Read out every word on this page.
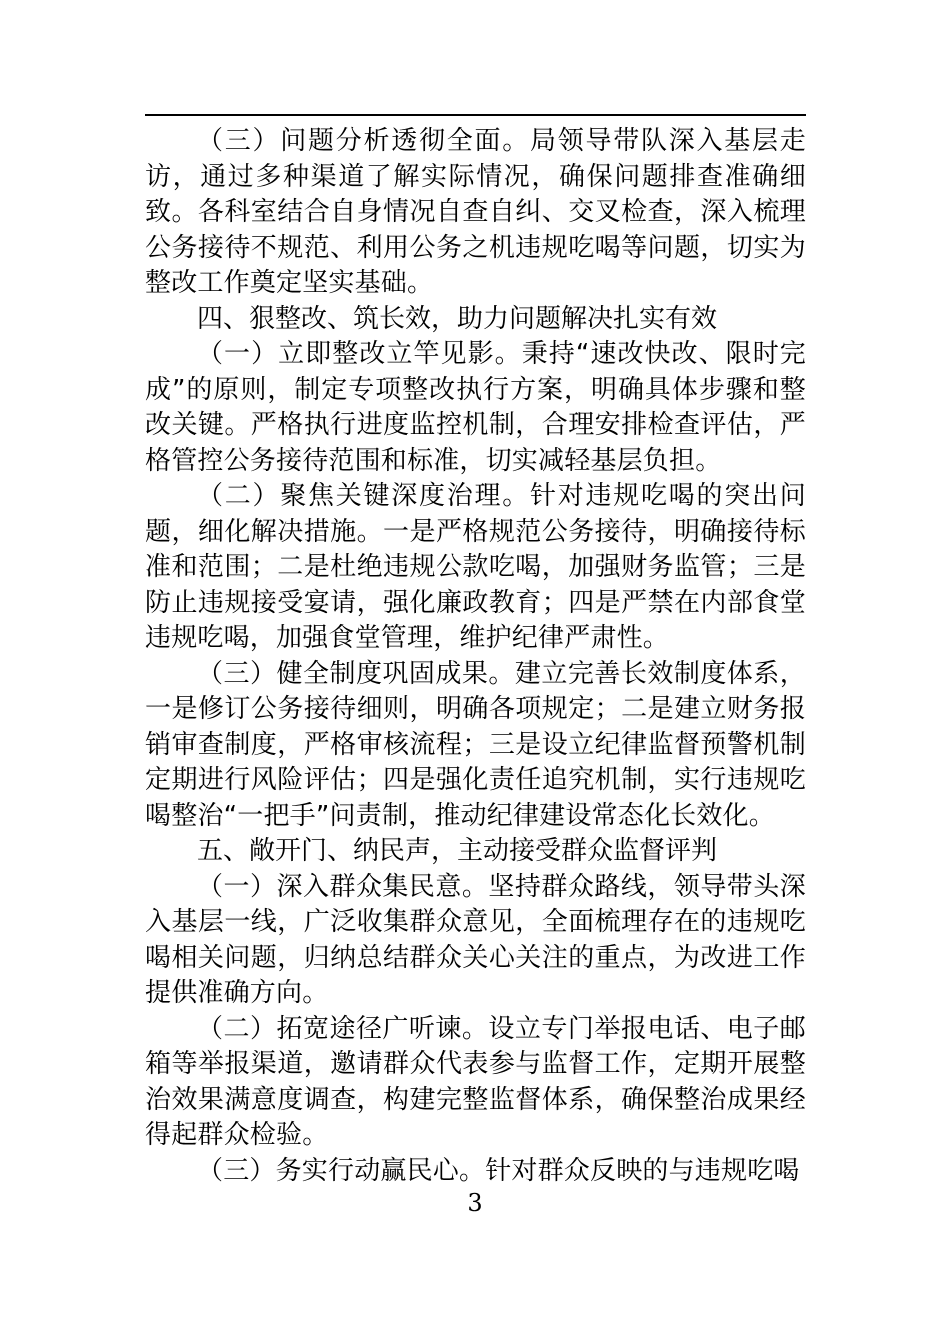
（三）问题分析透彻全面。局领导带队深入基层走访，通过多种渠道了解实际情况，确保问题排查准确细致。各科室结合自身情况自查自纠、交叉检查，深入梳理公务接待不规范、利用公务之机违规吃喝等问题，切实为整改工作奠定坚实基础。

四、狠整改、筑长效，助力问题解决扎实有效

（一）立即整改立竿见影。秉持“速改快改、限时完成”的原则，制定专项整改执行方案，明确具体步骤和整改关键。严格执行进度监控机制，合理安排检查评估，严格管控公务接待范围和标准，切实减轻基层负担。

（二）聚焦关键深度治理。针对违规吃喝的突出问题，细化解决措施。一是严格规范公务接待，明确接待标准和范围；二是杜绝违规公款吃喝，加强财务监管；三是防止违规接受宴请，强化廉政教育；四是严禁在内部食堂违规吃喝，加强食堂管理，维护纪律严肃性。

（三）健全制度巩固成果。建立完善长效制度体系，一是修订公务接待细则，明确各项规定；二是建立财务报销审查制度，严格审核流程；三是设立纪律监督预警机制定期进行风险评估；四是强化责任追究机制，实行违规吃喝整治“一把手”问责制，推动纪律建设常态化长效化。

五、敞开门、纳民声，主动接受群众监督评判

（一）深入群众集民意。坚持群众路线，领导带头深入基层一线，广泛收集群众意见，全面梳理存在的违规吃喝相关问题，归纳总结群众关心关注的重点，为改进工作提供准确方向。

（二）拓宽途径广听谏。设立专门举报电话、电子邮箱等举报渠道，邀请群众代表参与监督工作，定期开展整治效果满意度调查，构建完整监督体系，确保整治成果经得起群众检验。

（三）务实行动赢民心。针对群众反映的与违规吃喝

3
